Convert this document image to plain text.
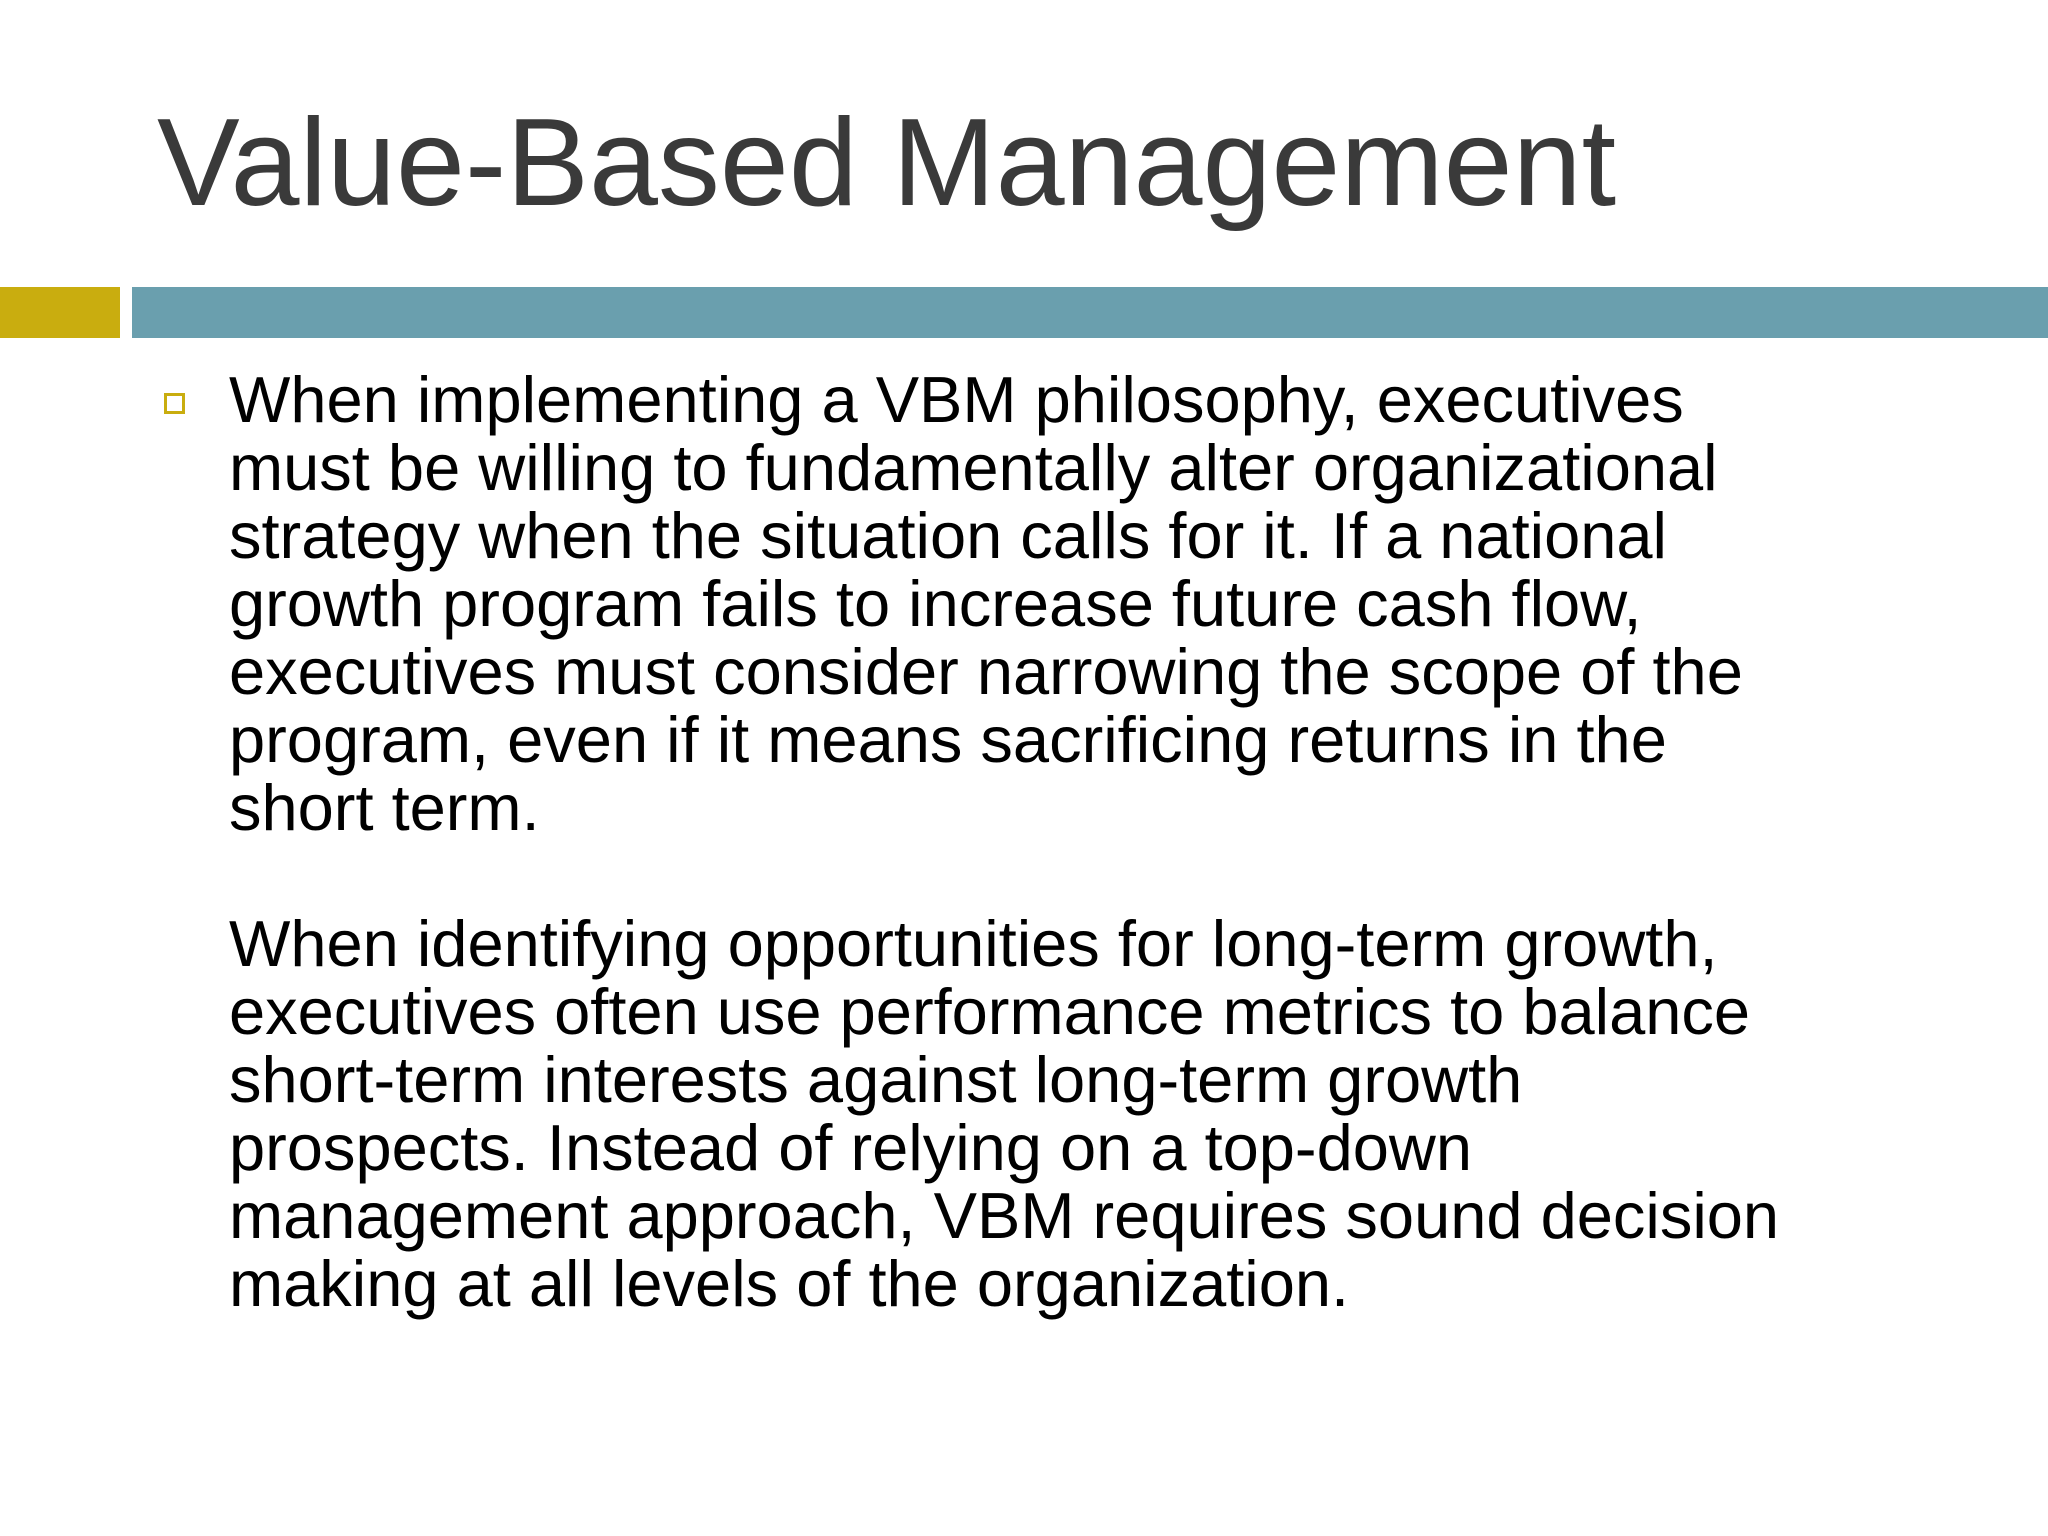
Value-Based Management
When implementing a VBM philosophy, executives
must be willing to fundamentally alter organizational
strategy when the situation calls for it. If a national
growth program fails to increase future cash flow,
executives must consider narrowing the scope of the
program, even if it means sacrificing returns in the
short term.
When identifying opportunities for long-term growth,
executives often use performance metrics to balance
short-term interests against long-term growth
prospects. Instead of relying on a top-down
management approach, VBM requires sound decision
making at all levels of the organization.
